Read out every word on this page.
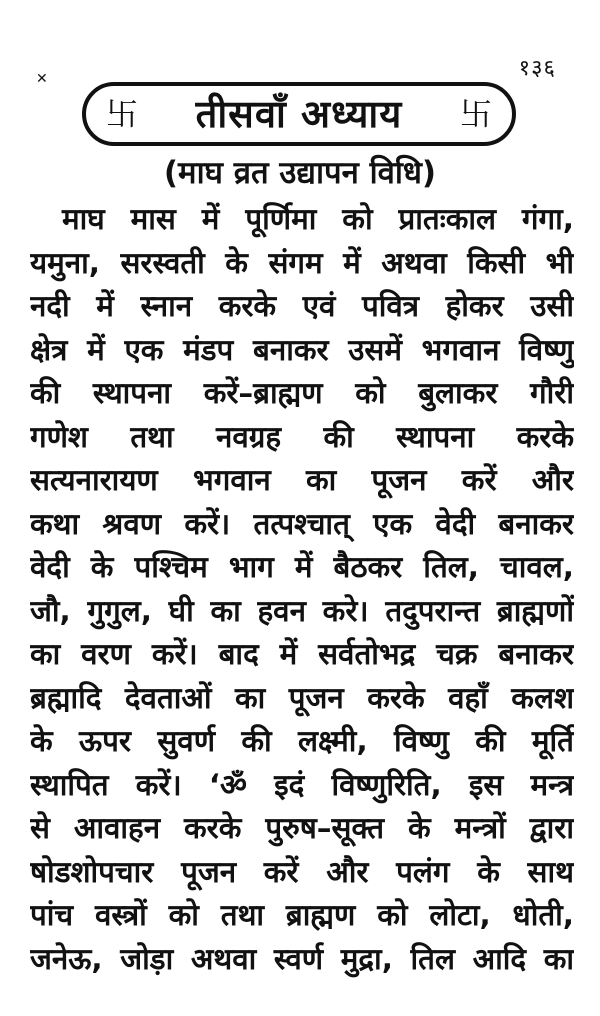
१३६
✕
卐 तीसवाँ अध्याय 卐
(माघ व्रत उद्यापन विधि)
माघ मास में पूर्णिमा को प्रातःकाल गंगा,
यमुना, सरस्वती के संगम में अथवा किसी भी
नदी में स्नान करके एवं पवित्र होकर उसी
क्षेत्र में एक मंडप बनाकर उसमें भगवान विष्णु
की स्थापना करें–ब्राह्मण को बुलाकर गौरी
गणेश तथा नवग्रह की स्थापना करके
सत्यनारायण भगवान का पूजन करें और
कथा श्रवण करें। तत्पश्चात् एक वेदी बनाकर
वेदी के पश्चिम भाग में बैठकर तिल, चावल,
जौ, गुगुल, घी का हवन करे। तदुपरान्त ब्राह्मणों
का वरण करें। बाद में सर्वतोभद्र चक्र बनाकर
ब्रह्मादि देवताओं का पूजन करके वहाँ कलश
के ऊपर सुवर्ण की लक्ष्मी, विष्णु की मूर्ति
स्थापित करें। ‘ॐ इदं विष्णुरिति, इस मन्त्र
से आवाहन करके पुरुष–सूक्त के मन्त्रों द्वारा
षोडशोपचार पूजन करें और पलंग के साथ
पांच वस्त्रों को तथा ब्राह्मण को लोटा, धोती,
जनेऊ, जोड़ा अथवा स्वर्ण मुद्रा, तिल आदि का
